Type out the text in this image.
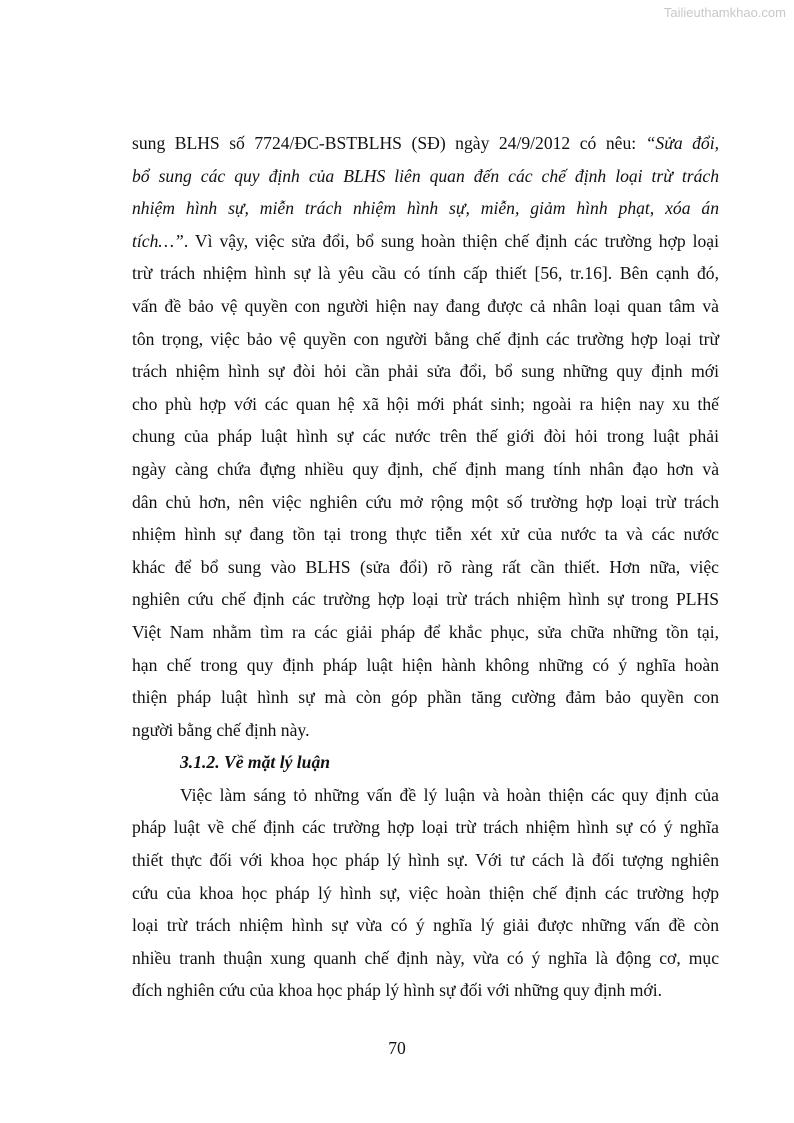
Tailieuthamkhao.com
sung BLHS số 7724/ĐC-BSTBLHS (SĐ) ngày 24/9/2012 có nêu: “Sửa đổi,
bổ sung các quy định của BLHS liên quan đến các chế định loại trừ trách
nhiệm hình sự, miễn trách nhiệm hình sự, miễn, giảm hình phạt, xóa án
tích…”. Vì vậy, việc sửa đổi, bổ sung hoàn thiện chế định các trường hợp loại
trừ trách nhiệm hình sự là yêu cầu có tính cấp thiết [56, tr.16]. Bên cạnh đó,
vấn đề bảo vệ quyền con người hiện nay đang được cả nhân loại quan tâm và
tôn trọng, việc bảo vệ quyền con người bằng chế định các trường hợp loại trừ
trách nhiệm hình sự đòi hỏi cần phải sửa đổi, bổ sung những quy định mới
cho phù hợp với các quan hệ xã hội mới phát sinh; ngoài ra hiện nay xu thế
chung của pháp luật hình sự các nước trên thế giới đòi hỏi trong luật phải
ngày càng chứa đựng nhiều quy định, chế định mang tính nhân đạo hơn và
dân chủ hơn, nên việc nghiên cứu mở rộng một số trường hợp loại trừ trách
nhiệm hình sự đang tồn tại trong thực tiễn xét xử của nước ta và các nước
khác để bổ sung vào BLHS (sửa đổi) rõ ràng rất cần thiết. Hơn nữa, việc
nghiên cứu chế định các trường hợp loại trừ trách nhiệm hình sự trong PLHS
Việt Nam nhằm tìm ra các giải pháp để khắc phục, sửa chữa những tồn tại,
hạn chế trong quy định pháp luật hiện hành không những có ý nghĩa hoàn
thiện pháp luật hình sự mà còn góp phần tăng cường đảm bảo quyền con
người bằng chế định này.
3.1.2. Về mặt lý luận
Việc làm sáng tỏ những vấn đề lý luận và hoàn thiện các quy định của
pháp luật về chế định các trường hợp loại trừ trách nhiệm hình sự có ý nghĩa
thiết thực đối với khoa học pháp lý hình sự. Với tư cách là đối tượng nghiên
cứu của khoa học pháp lý hình sự, việc hoàn thiện chế định các trường hợp
loại trừ trách nhiệm hình sự vừa có ý nghĩa lý giải được những vấn đề còn
nhiều tranh thuận xung quanh chế định này, vừa có ý nghĩa là động cơ, mục
đích nghiên cứu của khoa học pháp lý hình sự đối với những quy định mới.
70
